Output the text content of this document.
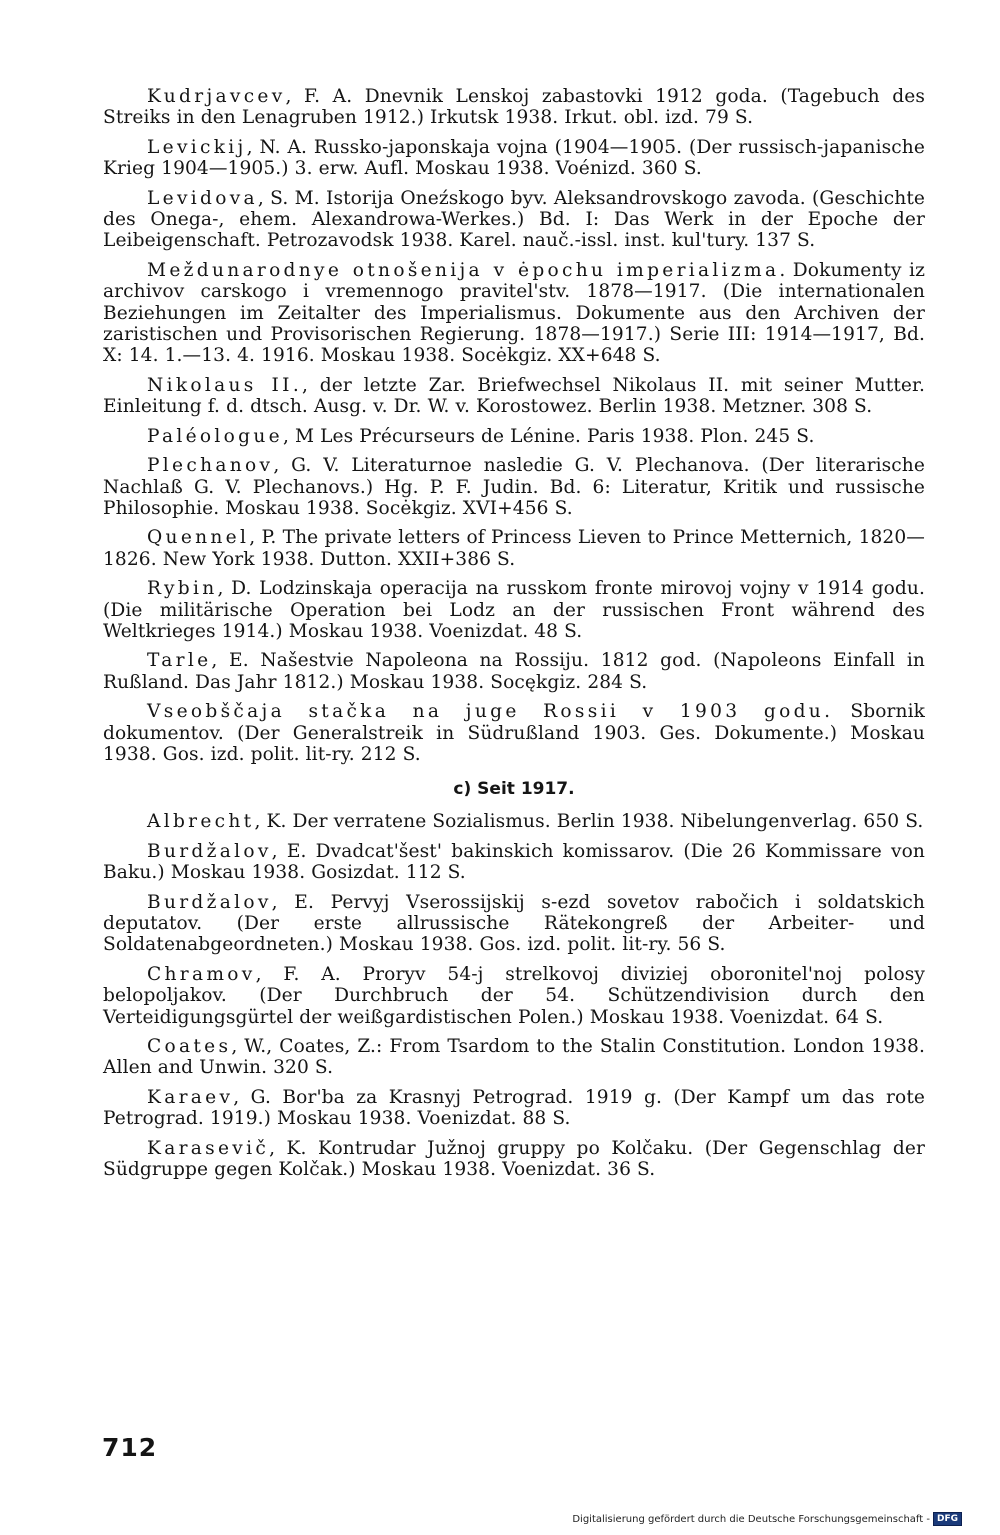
Kudrjavcev, F. A. Dnevnik Lenskoj zabastovki 1912 goda. (Tagebuch des Streiks in den Lenagruben 1912.) Irkutsk 1938. Irkut. obl. izd. 79 S.

Levickij, N. A. Russko-japonskaja vojna (1904—1905. (Der russisch-japanische Krieg 1904—1905.) 3. erw. Aufl. Moskau 1938. Voénizd. 360 S.

Levidova, S. M. Istorija Oneźskogo byv. Aleksandrovskogo zavoda. (Geschichte des Onega-, ehem. Alexandrowa-Werkes.) Bd. I: Das Werk in der Epoche der Leibeigenschaft. Petrozavodsk 1938. Karel. nauč.-issl. inst. kul'tury. 137 S.

Meždunarodnye otnošenija v ėpochu imperializma. Dokumenty iz archivov carskogo i vremennogo pravitel'stv. 1878—1917. (Die internationalen Beziehungen im Zeitalter des Imperialismus. Dokumente aus den Archiven der zaristischen und Provisorischen Regierung. 1878—1917.) Serie III: 1914—1917, Bd. X: 14. 1.—13. 4. 1916. Moskau 1938. Socėkgiz. XX+648 S.

Nikolaus II., der letzte Zar. Briefwechsel Nikolaus II. mit seiner Mutter. Einleitung f. d. dtsch. Ausg. v. Dr. W. v. Korostowez. Berlin 1938. Metzner. 308 S.

Paléologue, M Les Précurseurs de Lénine. Paris 1938. Plon. 245 S.

Plechanov, G. V. Literaturnoe nasledie G. V. Plechanova. (Der literarische Nachlaß G. V. Plechanovs.) Hg. P. F. Judin. Bd. 6: Literatur, Kritik und russische Philosophie. Moskau 1938. Socėkgiz. XVI+456 S.

Quennel, P. The private letters of Princess Lieven to Prince Metternich, 1820—1826. New York 1938. Dutton. XXII+386 S.

Rybin, D. Lodzinskaja operacija na russkom fronte mirovoj vojny v 1914 godu. (Die militärische Operation bei Lodz an der russischen Front während des Weltkrieges 1914.) Moskau 1938. Voenizdat. 48 S.

Tarle, E. Našestvie Napoleona na Rossiju. 1812 god. (Napoleons Einfall in Rußland. Das Jahr 1812.) Moskau 1938. Socękgiz. 284 S.

Vseobščaja stačka na juge Rossii v 1903 godu. Sbornik dokumentov. (Der Generalstreik in Südrußland 1903. Ges. Dokumente.) Moskau 1938. Gos. izd. polit. lit-ry. 212 S.

c) Seit 1917.

Albrecht, K. Der verratene Sozialismus. Berlin 1938. Nibelungenverlag. 650 S.

Burdžalov, E. Dvadcat'šest' bakinskich komissarov. (Die 26 Kommissare von Baku.) Moskau 1938. Gosizdat. 112 S.

Burdžalov, E. Pervyj Vserossijskij s-ezd sovetov rabočich i soldatskich deputatov. (Der erste allrussische Rätekongreß der Arbeiter- und Soldatenabgeordneten.) Moskau 1938. Gos. izd. polit. lit-ry. 56 S.

Chramov, F. A. Proryv 54-j strelkovoj diviziej oboronitel'noj polosy belopoljakov. (Der Durchbruch der 54. Schützendivision durch den Verteidigungsgürtel der weißgardistischen Polen.) Moskau 1938. Voenizdat. 64 S.

Coates, W., Coates, Z.: From Tsardom to the Stalin Constitution. London 1938. Allen and Unwin. 320 S.

Karaev, G. Bor'ba za Krasnyj Petrograd. 1919 g. (Der Kampf um das rote Petrograd. 1919.) Moskau 1938. Voenizdat. 88 S.

Karasevič, K. Kontrudar Južnoj gruppy po Kolčaku. (Der Gegenschlag der Südgruppe gegen Kolčak.) Moskau 1938. Voenizdat. 36 S.

712
Digitalisierung gefördert durch die Deutsche Forschungsgemeinschaft - DFG
